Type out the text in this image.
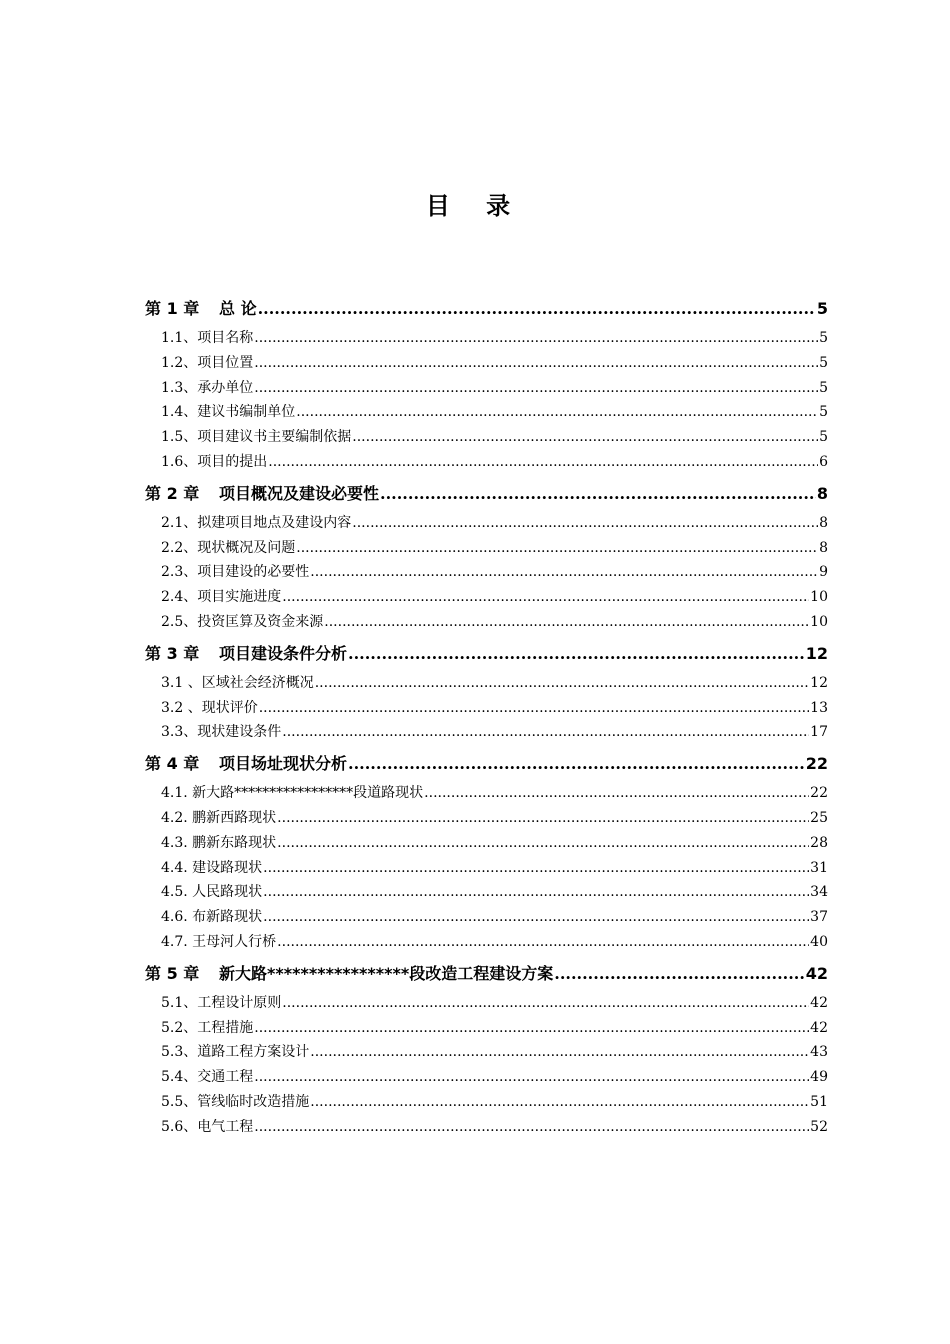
目 录
第 1 章 总 论 .....	5
1.1、项目名称 .....	5
1.2、项目位置 .....	5
1.3、承办单位 .....	5
1.4、建议书编制单位 .....	5
1.5、项目建议书主要编制依据 .....	5
1.6、项目的提出 .....	6
第 2 章 项目概况及建设必要性 .....	8
2.1、拟建项目地点及建设内容 .....	8
2.2、现状概况及问题 .....	8
2.3、项目建设的必要性 .....	9
2.4、项目实施进度 .....	10
2.5、投资匡算及资金来源 .....	10
第 3 章 项目建设条件分析 .....	12
3.1 、区域社会经济概况 .....	12
3.2 、现状评价 .....	13
3.3、现状建设条件 .....	17
第 4 章 项目场址现状分析 .....	22
4.1. 新大路*****************段道路现状 .....	22
4.2. 鹏新西路现状 .....	25
4.3. 鹏新东路现状 .....	28
4.4. 建设路现状 .....	31
4.5. 人民路现状 .....	34
4.6. 布新路现状 .....	37
4.7. 王母河人行桥 .....	40
第 5 章 新大路*****************段改造工程建设方案 .....	42
5.1、工程设计原则 .....	42
5.2、工程措施 .....	42
5.3、道路工程方案设计 .....	43
5.4、交通工程 .....	49
5.5、管线临时改造措施 .....	51
5.6、电气工程 .....	52
